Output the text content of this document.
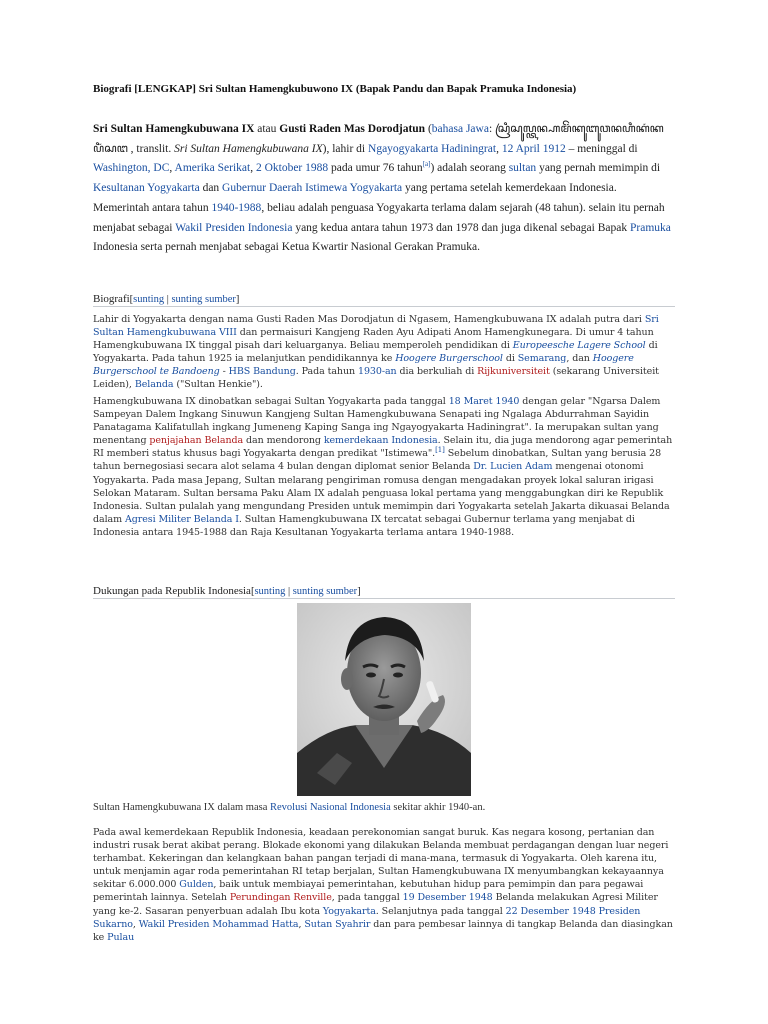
Biografi [LENGKAP] Sri Sultan Hamengkubuwono IX (Bapak Pandu dan Bapak Pramuka Indonesia)
Sri Sultan Hamengkubuwana IX atau Gusti Raden Mas Dorodjatun (bahasa Jawa: ꦱꦿꦶꦱꦸꦭ꧀ꦠꦤ꧀ꦲꦩꦼꦁꦏꦸꦧꦸꦮꦤꦲꦶꦏꦁꦏꦥꦶꦁꦱꦔ , translit. Sri Sultan Hamengkubuwana IX), lahir di Ngayogyakarta Hadiningrat, 12 April 1912 – meninggal di Washington, DC, Amerika Serikat, 2 Oktober 1988 pada umur 76 tahun[a]) adalah seorang sultan yang pernah memimpin di Kesultanan Yogyakarta dan Gubernur Daerah Istimewa Yogyakarta yang pertama setelah kemerdekaan Indonesia. Memerintah antara tahun 1940-1988, beliau adalah penguasa Yogyakarta terlama dalam sejarah (48 tahun). selain itu pernah menjabat sebagai Wakil Presiden Indonesia yang kedua antara tahun 1973 dan 1978 dan juga dikenal sebagai Bapak Pramuka Indonesia serta pernah menjabat sebagai Ketua Kwartir Nasional Gerakan Pramuka.
Biografi[sunting | sunting sumber]

Lahir di Yogyakarta dengan nama Gusti Raden Mas Dorodjatun di Ngasem, Hamengkubuwana IX adalah putra dari Sri Sultan Hamengkubuwana VIII dan permaisuri Kangjeng Raden Ayu Adipati Anom Hamengkunegara. Di umur 4 tahun Hamengkubuwana IX tinggal pisah dari keluarganya. Beliau memperoleh pendidikan di Europeesche Lagere School di Yogyakarta. Pada tahun 1925 ia melanjutkan pendidikannya ke Hoogere Burgerschool di Semarang, dan Hoogere Burgerschool te Bandoeng - HBS Bandung. Pada tahun 1930-an dia berkuliah di Rijkuniversiteit (sekarang Universiteit Leiden), Belanda ("Sultan Henkie").

Hamengkubuwana IX dinobatkan sebagai Sultan Yogyakarta pada tanggal 18 Maret 1940 dengan gelar "Ngarsa Dalem Sampeyan Dalem Ingkang Sinuwun Kangjeng Sultan Hamengkubuwana Senapati ing Ngalaga Abdurrahman Sayidin Panatagama Kalifatullah ingkang Jumeneng Kaping Sanga ing Ngayogyakarta Hadiningrat". Ia merupakan sultan yang menentang penjajahan Belanda dan mendorong kemerdekaan Indonesia. Selain itu, dia juga mendorong agar pemerintah RI memberi status khusus bagi Yogyakarta dengan predikat "Istimewa".[1] Sebelum dinobatkan, Sultan yang berusia 28 tahun bernegosiasi secara alot selama 4 bulan dengan diplomat senior Belanda Dr. Lucien Adam mengenai otonomi Yogyakarta. Pada masa Jepang, Sultan melarang pengiriman romusa dengan mengadakan proyek lokal saluran irigasi Selokan Mataram. Sultan bersama Paku Alam IX adalah penguasa lokal pertama yang menggabungkan diri ke Republik Indonesia. Sultan pulalah yang mengundang Presiden untuk memimpin dari Yogyakarta setelah Jakarta dikuasai Belanda dalam Agresi Militer Belanda I. Sultan Hamengkubuwana IX tercatat sebagai Gubernur terlama yang menjabat di Indonesia antara 1945-1988 dan Raja Kesultanan Yogyakarta terlama antara 1940-1988.

Dukungan pada Republik Indonesia[sunting | sunting sumber]
Sultan Hamengkubuwana IX dalam masa Revolusi Nasional Indonesia sekitar akhir 1940-an.

Pada awal kemerdekaan Republik Indonesia, keadaan perekonomian sangat buruk. Kas negara kosong, pertanian dan industri rusak berat akibat perang. Blokade ekonomi yang dilakukan Belanda membuat perdagangan dengan luar negeri terhambat. Kekeringan dan kelangkaan bahan pangan terjadi di mana-mana, termasuk di Yogyakarta. Oleh karena itu, untuk menjamin agar roda pemerintahan RI tetap berjalan, Sultan Hamengkubuwana IX menyumbangkan kekayaannya sekitar 6.000.000 Gulden, baik untuk membiayai pemerintahan, kebutuhan hidup para pemimpin dan para pegawai pemerintah lainnya. Setelah Perundingan Renville, pada tanggal 19 Desember 1948 Belanda melakukan Agresi Militer yang ke-2. Sasaran penyerbuan adalah Ibu kota Yogyakarta. Selanjutnya pada tanggal 22 Desember 1948 Presiden Sukarno, Wakil Presiden Mohammad Hatta, Sutan Syahrir dan para pembesar lainnya di tangkap Belanda dan diasingkan ke Pulau
